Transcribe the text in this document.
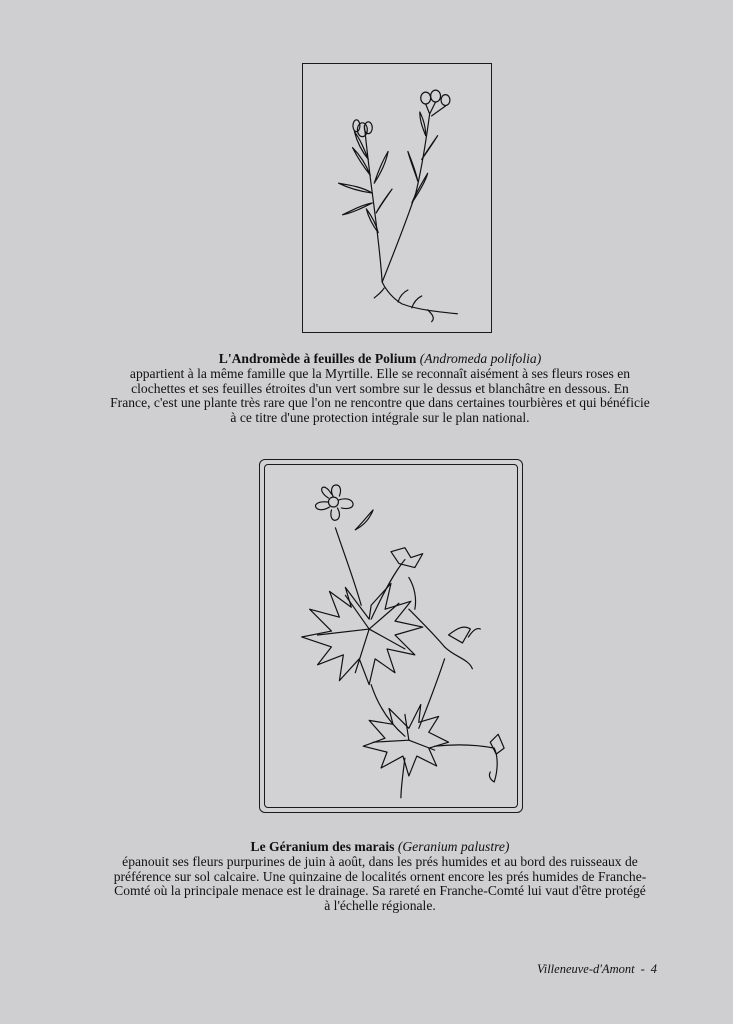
L'Andromède à feuilles de Polium (Andromeda polifolia)
appartient à la même famille que la Myrtille. Elle se reconnaît aisément à ses fleurs roses en clochettes et ses feuilles étroites d'un vert sombre sur le dessus et blanchâtre en dessous. En France, c'est une plante très rare que l'on ne rencontre que dans certaines tourbières et qui bénéficie à ce titre d'une protection intégrale sur le plan national.
Le Géranium des marais (Geranium palustre)
épanouit ses fleurs purpurines de juin à août, dans les prés humides et au bord des ruisseaux de préférence sur sol calcaire. Une quinzaine de localités ornent encore les prés humides de Franche-Comté où la principale menace est le drainage. Sa rareté en Franche-Comté lui vaut d'être protégé à l'échelle régionale.
Villeneuve-d'Amont - 4
